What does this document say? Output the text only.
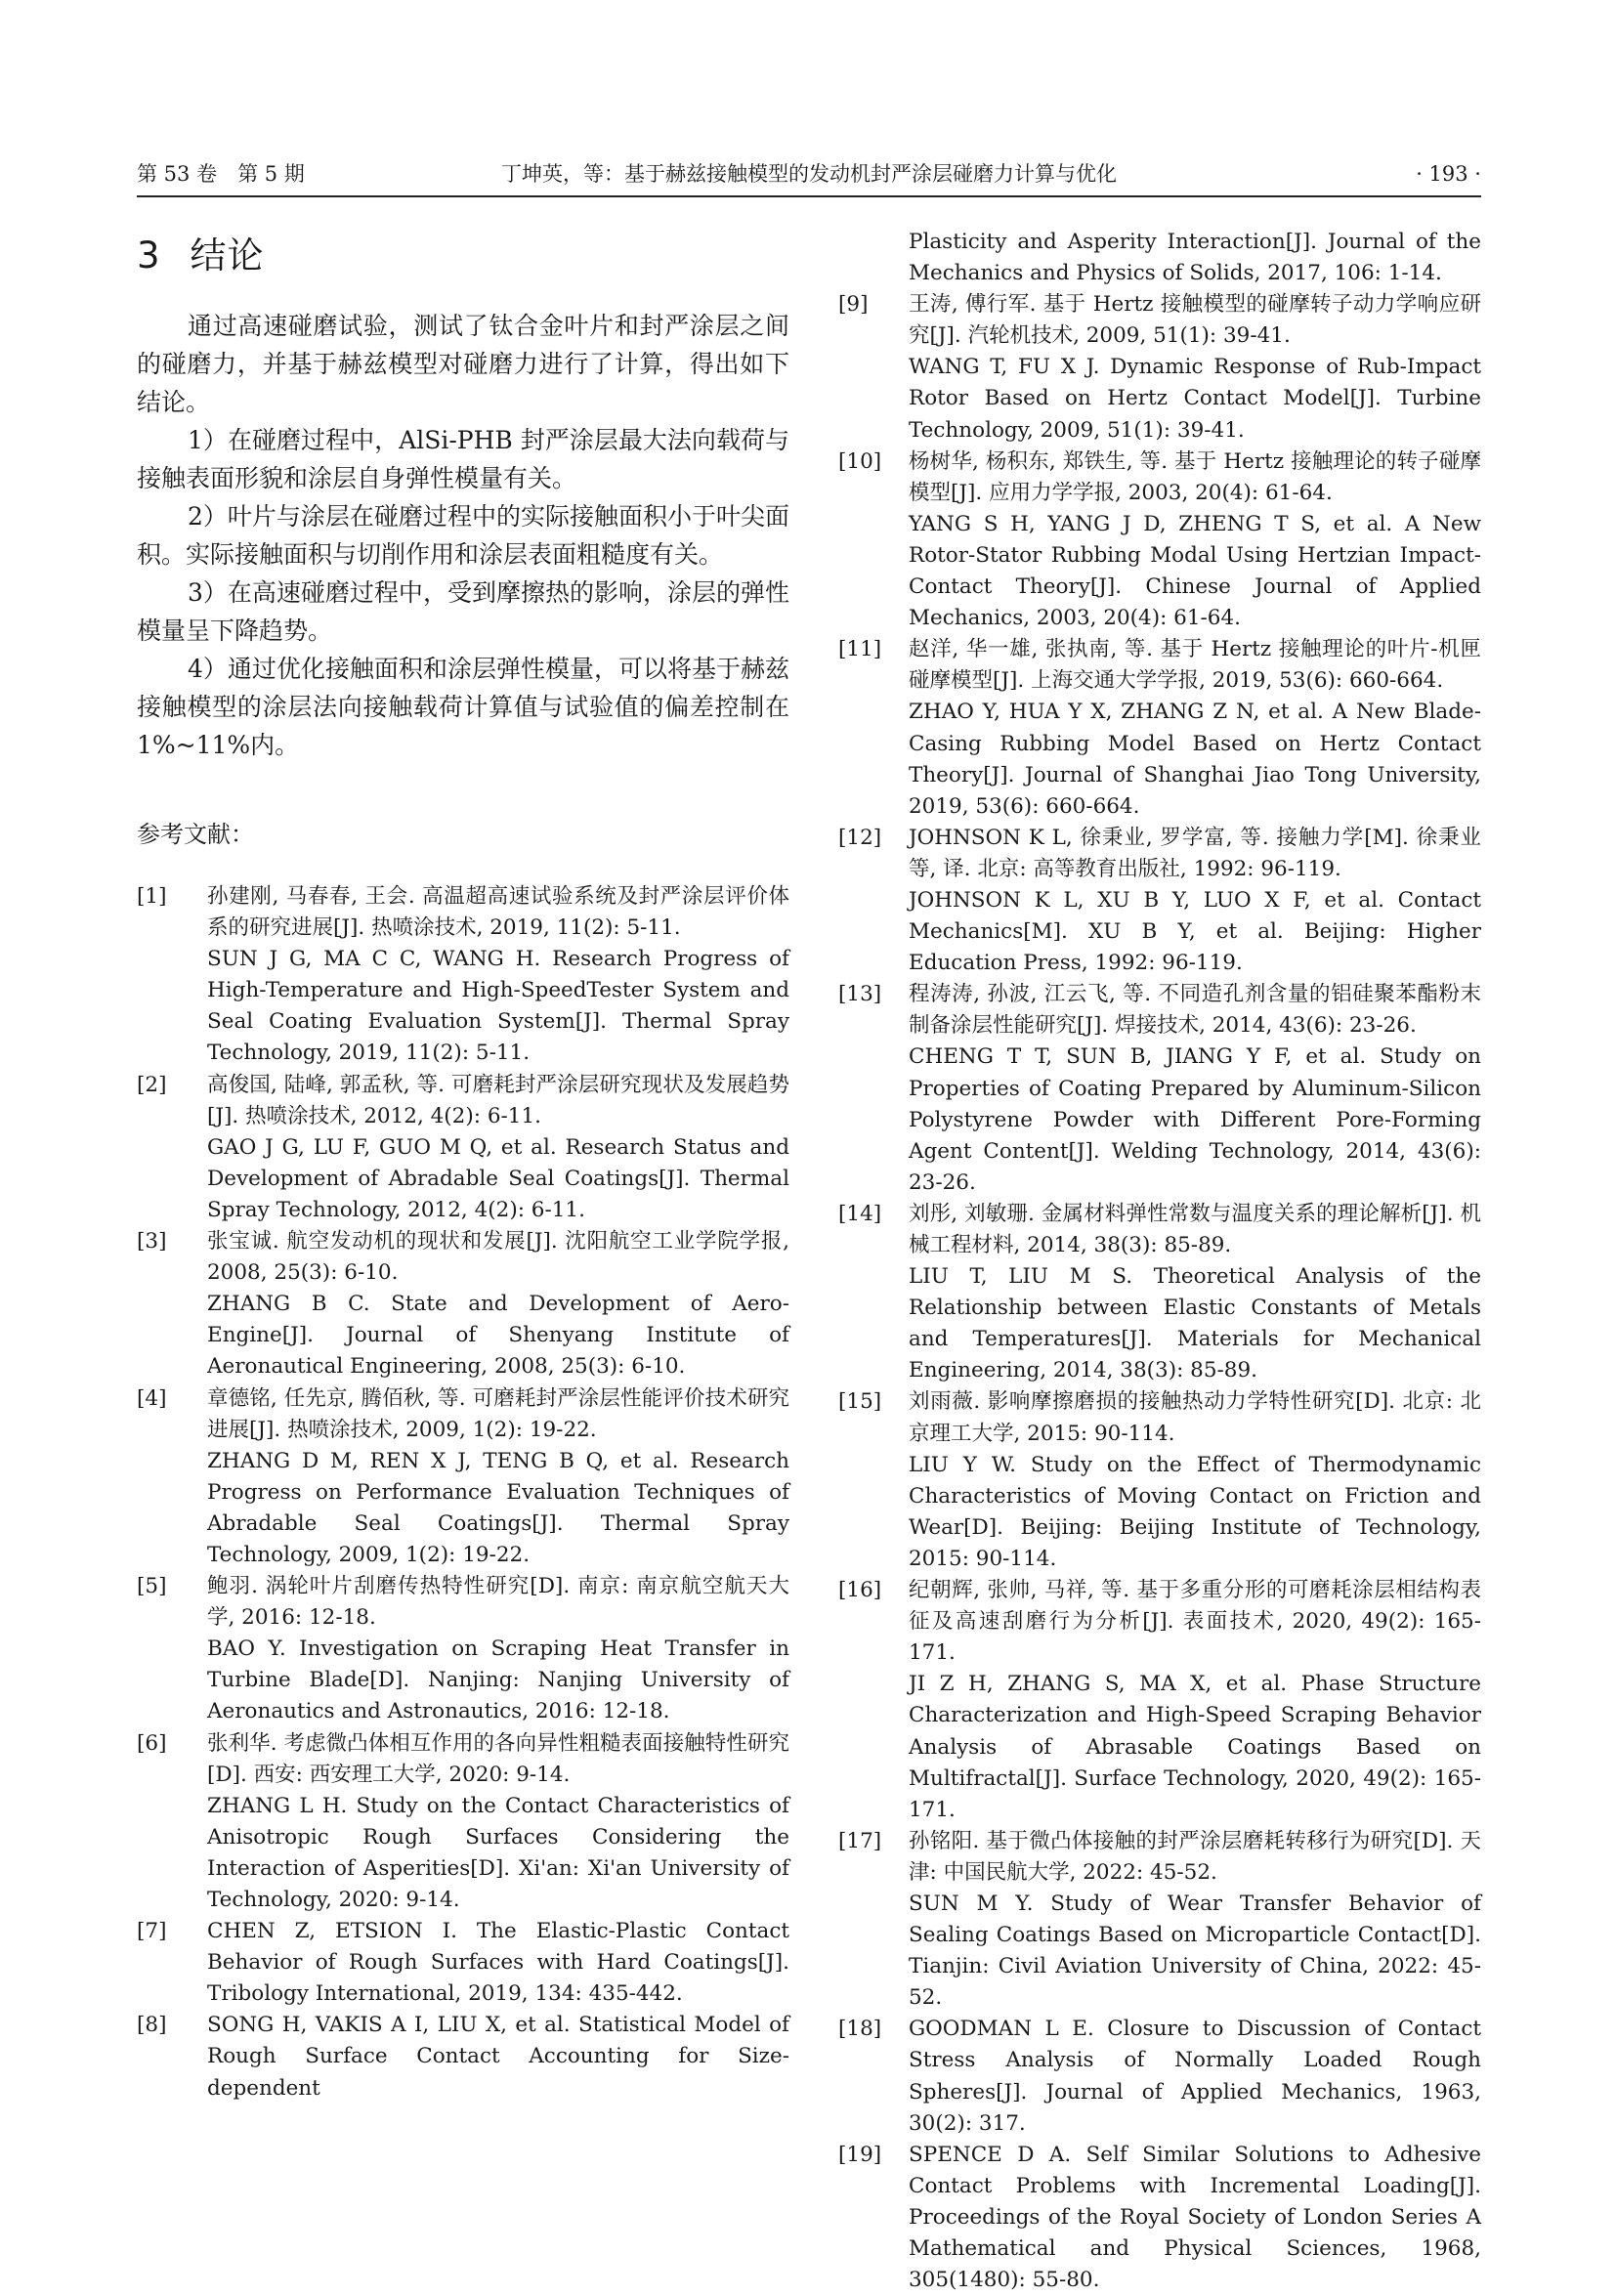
第 53 卷　第 5 期	丁坤英，等：基于赫兹接触模型的发动机封严涂层碰磨力计算与优化	· 193 ·
3 结论

通过高速碰磨试验，测试了钛合金叶片和封严涂层之间的碰磨力，并基于赫兹模型对碰磨力进行了计算，得出如下结论。

1）在碰磨过程中，AlSi-PHB 封严涂层最大法向载荷与接触表面形貌和涂层自身弹性模量有关。

2）叶片与涂层在碰磨过程中的实际接触面积小于叶尖面积。实际接触面积与切削作用和涂层表面粗糙度有关。

3）在高速碰磨过程中，受到摩擦热的影响，涂层的弹性模量呈下降趋势。

4）通过优化接触面积和涂层弹性模量，可以将基于赫兹接触模型的涂层法向接触载荷计算值与试验值的偏差控制在 1%~11%内。

参考文献：
[1]	孙建刚, 马春春, 王会. 高温超高速试验系统及封严涂层评价体系的研究进展[J]. 热喷涂技术, 2019, 11(2): 5-11.
SUN J G, MA C C, WANG H. Research Progress of High-Temperature and High-SpeedTester System and Seal Coating Evaluation System[J]. Thermal Spray Technology, 2019, 11(2): 5-11.
[2]	高俊国, 陆峰, 郭孟秋, 等. 可磨耗封严涂层研究现状及发展趋势[J]. 热喷涂技术, 2012, 4(2): 6-11.
GAO J G, LU F, GUO M Q, et al. Research Status and Development of Abradable Seal Coatings[J]. Thermal Spray Technology, 2012, 4(2): 6-11.
[3]	张宝诚. 航空发动机的现状和发展[J]. 沈阳航空工业学院学报, 2008, 25(3): 6-10.
ZHANG B C. State and Development of Aero-Engine[J]. Journal of Shenyang Institute of Aeronautical Engineering, 2008, 25(3): 6-10.
[4]	章德铭, 任先京, 腾佰秋, 等. 可磨耗封严涂层性能评价技术研究进展[J]. 热喷涂技术, 2009, 1(2): 19-22.
ZHANG D M, REN X J, TENG B Q, et al. Research Progress on Performance Evaluation Techniques of Abradable Seal Coatings[J]. Thermal Spray Technology, 2009, 1(2): 19-22.
[5]	鲍羽. 涡轮叶片刮磨传热特性研究[D]. 南京: 南京航空航天大学, 2016: 12-18.
BAO Y. Investigation on Scraping Heat Transfer in Turbine Blade[D]. Nanjing: Nanjing University of Aeronautics and Astronautics, 2016: 12-18.
[6]	张利华. 考虑微凸体相互作用的各向异性粗糙表面接触特性研究[D]. 西安: 西安理工大学, 2020: 9-14.
ZHANG L H. Study on the Contact Characteristics of Anisotropic Rough Surfaces Considering the Interaction of Asperities[D]. Xi'an: Xi'an University of Technology, 2020: 9-14.
[7]	CHEN Z, ETSION I. The Elastic-Plastic Contact Behavior of Rough Surfaces with Hard Coatings[J]. Tribology International, 2019, 134: 435-442.
[8]	SONG H, VAKIS A I, LIU X, et al. Statistical Model of Rough Surface Contact Accounting for Size-dependent
Plasticity and Asperity Interaction[J]. Journal of the Mechanics and Physics of Solids, 2017, 106: 1-14.
[9]	王涛, 傅行军. 基于 Hertz 接触模型的碰摩转子动力学响应研究[J]. 汽轮机技术, 2009, 51(1): 39-41.
WANG T, FU X J. Dynamic Response of Rub-Impact Rotor Based on Hertz Contact Model[J]. Turbine Technology, 2009, 51(1): 39-41.
[10]	杨树华, 杨积东, 郑铁生, 等. 基于 Hertz 接触理论的转子碰摩模型[J]. 应用力学学报, 2003, 20(4): 61-64.
YANG S H, YANG J D, ZHENG T S, et al. A New Rotor-Stator Rubbing Modal Using Hertzian Impact-Contact Theory[J]. Chinese Journal of Applied Mechanics, 2003, 20(4): 61-64.
[11]	赵洋, 华一雄, 张执南, 等. 基于 Hertz 接触理论的叶片-机匣碰摩模型[J]. 上海交通大学学报, 2019, 53(6): 660-664.
ZHAO Y, HUA Y X, ZHANG Z N, et al. A New Blade-Casing Rubbing Model Based on Hertz Contact Theory[J]. Journal of Shanghai Jiao Tong University, 2019, 53(6): 660-664.
[12]	JOHNSON K L, 徐秉业, 罗学富, 等. 接触力学[M]. 徐秉业等, 译. 北京: 高等教育出版社, 1992: 96-119.
JOHNSON K L, XU B Y, LUO X F, et al. Contact Mechanics[M]. XU B Y, et al. Beijing: Higher Education Press, 1992: 96-119.
[13]	程涛涛, 孙波, 江云飞, 等. 不同造孔剂含量的铝硅聚苯酯粉末制备涂层性能研究[J]. 焊接技术, 2014, 43(6): 23-26.
CHENG T T, SUN B, JIANG Y F, et al. Study on Properties of Coating Prepared by Aluminum-Silicon Polystyrene Powder with Different Pore-Forming Agent Content[J]. Welding Technology, 2014, 43(6): 23-26.
[14]	刘彤, 刘敏珊. 金属材料弹性常数与温度关系的理论解析[J]. 机械工程材料, 2014, 38(3): 85-89.
LIU T, LIU M S. Theoretical Analysis of the Relationship between Elastic Constants of Metals and Temperatures[J]. Materials for Mechanical Engineering, 2014, 38(3): 85-89.
[15]	刘雨薇. 影响摩擦磨损的接触热动力学特性研究[D]. 北京: 北京理工大学, 2015: 90-114.
LIU Y W. Study on the Effect of Thermodynamic Characteristics of Moving Contact on Friction and Wear[D]. Beijing: Beijing Institute of Technology, 2015: 90-114.
[16]	纪朝辉, 张帅, 马祥, 等. 基于多重分形的可磨耗涂层相结构表征及高速刮磨行为分析[J]. 表面技术, 2020, 49(2): 165-171.
JI Z H, ZHANG S, MA X, et al. Phase Structure Characterization and High-Speed Scraping Behavior Analysis of Abrasable Coatings Based on Multifractal[J]. Surface Technology, 2020, 49(2): 165-171.
[17]	孙铭阳. 基于微凸体接触的封严涂层磨耗转移行为研究[D]. 天津: 中国民航大学, 2022: 45-52.
SUN M Y. Study of Wear Transfer Behavior of Sealing Coatings Based on Microparticle Contact[D]. Tianjin: Civil Aviation University of China, 2022: 45-52.
[18]	GOODMAN L E. Closure to Discussion of Contact Stress Analysis of Normally Loaded Rough Spheres[J]. Journal of Applied Mechanics, 1963, 30(2): 317.
[19]	SPENCE D A. Self Similar Solutions to Adhesive Contact Problems with Incremental Loading[J]. Proceedings of the Royal Society of London Series A Mathematical and Physical Sciences, 1968, 305(1480): 55-80.
